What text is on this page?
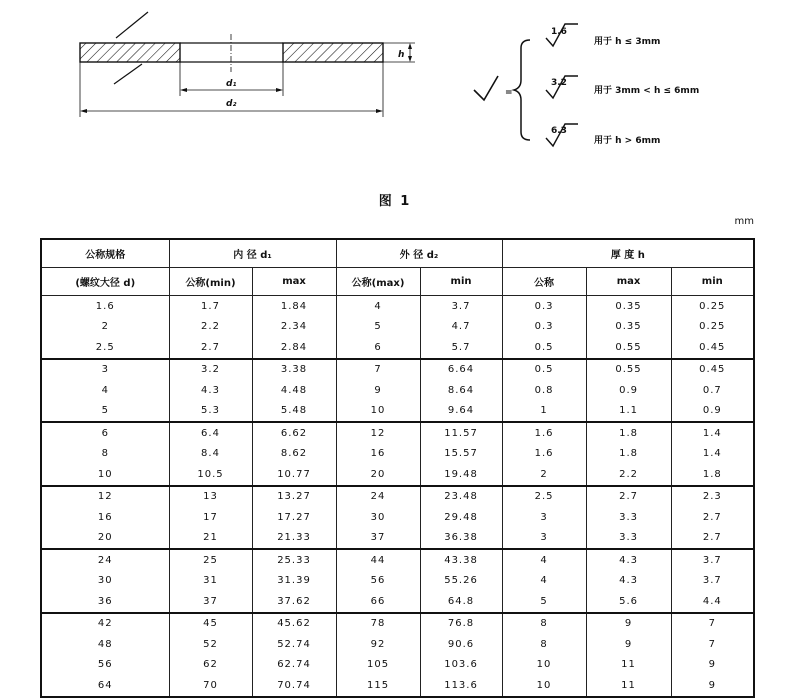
d₁
d₂
h
=
1.6
用于 h ≤ 3mm
3.2
用于 3mm < h ≤ 6mm
6.3
用于 h > 6mm
图 1
mm
公称规格	内 径 d₁		外 径 d₂		厚 度 h		
(螺纹大径 d)	公称(min)	max	公称(max)	min	公称	max	min
1.6	1.7	1.84	4	3.7	0.3	0.35	0.25
2	2.2	2.34	5	4.7	0.3	0.35	0.25
2.5	2.7	2.84	6	5.7	0.5	0.55	0.45
3	3.2	3.38	7	6.64	0.5	0.55	0.45
4	4.3	4.48	9	8.64	0.8	0.9	0.7
5	5.3	5.48	10	9.64	1	1.1	0.9
6	6.4	6.62	12	11.57	1.6	1.8	1.4
8	8.4	8.62	16	15.57	1.6	1.8	1.4
10	10.5	10.77	20	19.48	2	2.2	1.8
12	13	13.27	24	23.48	2.5	2.7	2.3
16	17	17.27	30	29.48	3	3.3	2.7
20	21	21.33	37	36.38	3	3.3	2.7
24	25	25.33	44	43.38	4	4.3	3.7
30	31	31.39	56	55.26	4	4.3	3.7
36	37	37.62	66	64.8	5	5.6	4.4
42	45	45.62	78	76.8	8	9	7
48	52	52.74	92	90.6	8	9	7
56	62	62.74	105	103.6	10	11	9
64	70	70.74	115	113.6	10	11	9
